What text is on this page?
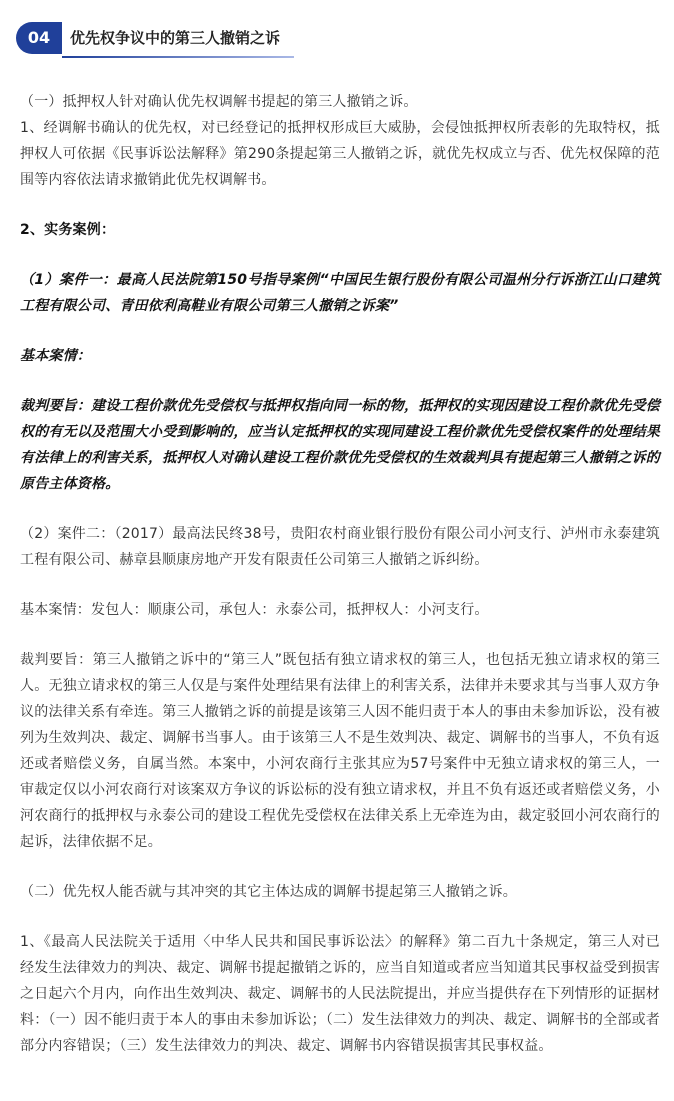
04	优先权争议中的第三人撤销之诉

（一）抵押权人针对确认优先权调解书提起的第三人撤销之诉。

1、经调解书确认的优先权，对已经登记的抵押权形成巨大威胁，会侵蚀抵押权所表彰的先取特权，抵押权人可依据《民事诉讼法解释》第290条提起第三人撤销之诉，就优先权成立与否、优先权保障的范围等内容依法请求撤销此优先权调解书。

2、实务案例：

（1）案件一：最高人民法院第150号指导案例“中国民生银行股份有限公司温州分行诉浙江山口建筑工程有限公司、青田依利高鞋业有限公司第三人撤销之诉案”

基本案情：

裁判要旨：建设工程价款优先受偿权与抵押权指向同一标的物，抵押权的实现因建设工程价款优先受偿权的有无以及范围大小受到影响的，应当认定抵押权的实现同建设工程价款优先受偿权案件的处理结果有法律上的利害关系，抵押权人对确认建设工程价款优先受偿权的生效裁判具有提起第三人撤销之诉的原告主体资格。

（2）案件二：（2017）最高法民终38号，贵阳农村商业银行股份有限公司小河支行、泸州市永泰建筑工程有限公司、赫章县顺康房地产开发有限责任公司第三人撤销之诉纠纷。

基本案情：发包人：顺康公司，承包人：永泰公司，抵押权人：小河支行。

裁判要旨：第三人撤销之诉中的“第三人”既包括有独立请求权的第三人，也包括无独立请求权的第三人。无独立请求权的第三人仅是与案件处理结果有法律上的利害关系，法律并未要求其与当事人双方争议的法律关系有牵连。第三人撤销之诉的前提是该第三人因不能归责于本人的事由未参加诉讼，没有被列为生效判决、裁定、调解书当事人。由于该第三人不是生效判决、裁定、调解书的当事人，不负有返还或者赔偿义务，自属当然。本案中，小河农商行主张其应为57号案件中无独立请求权的第三人，一审裁定仅以小河农商行对该案双方争议的诉讼标的没有独立请求权，并且不负有返还或者赔偿义务，小河农商行的抵押权与永泰公司的建设工程优先受偿权在法律关系上无牵连为由，裁定驳回小河农商行的起诉，法律依据不足。

（二）优先权人能否就与其冲突的其它主体达成的调解书提起第三人撤销之诉。

1、《最高人民法院关于适用〈中华人民共和国民事诉讼法〉的解释》第二百九十条规定，第三人对已经发生法律效力的判决、裁定、调解书提起撤销之诉的，应当自知道或者应当知道其民事权益受到损害之日起六个月内，向作出生效判决、裁定、调解书的人民法院提出，并应当提供存在下列情形的证据材料：（一）因不能归责于本人的事由未参加诉讼；（二）发生法律效力的判决、裁定、调解书的全部或者部分内容错误；（三）发生法律效力的判决、裁定、调解书内容错误损害其民事权益。
